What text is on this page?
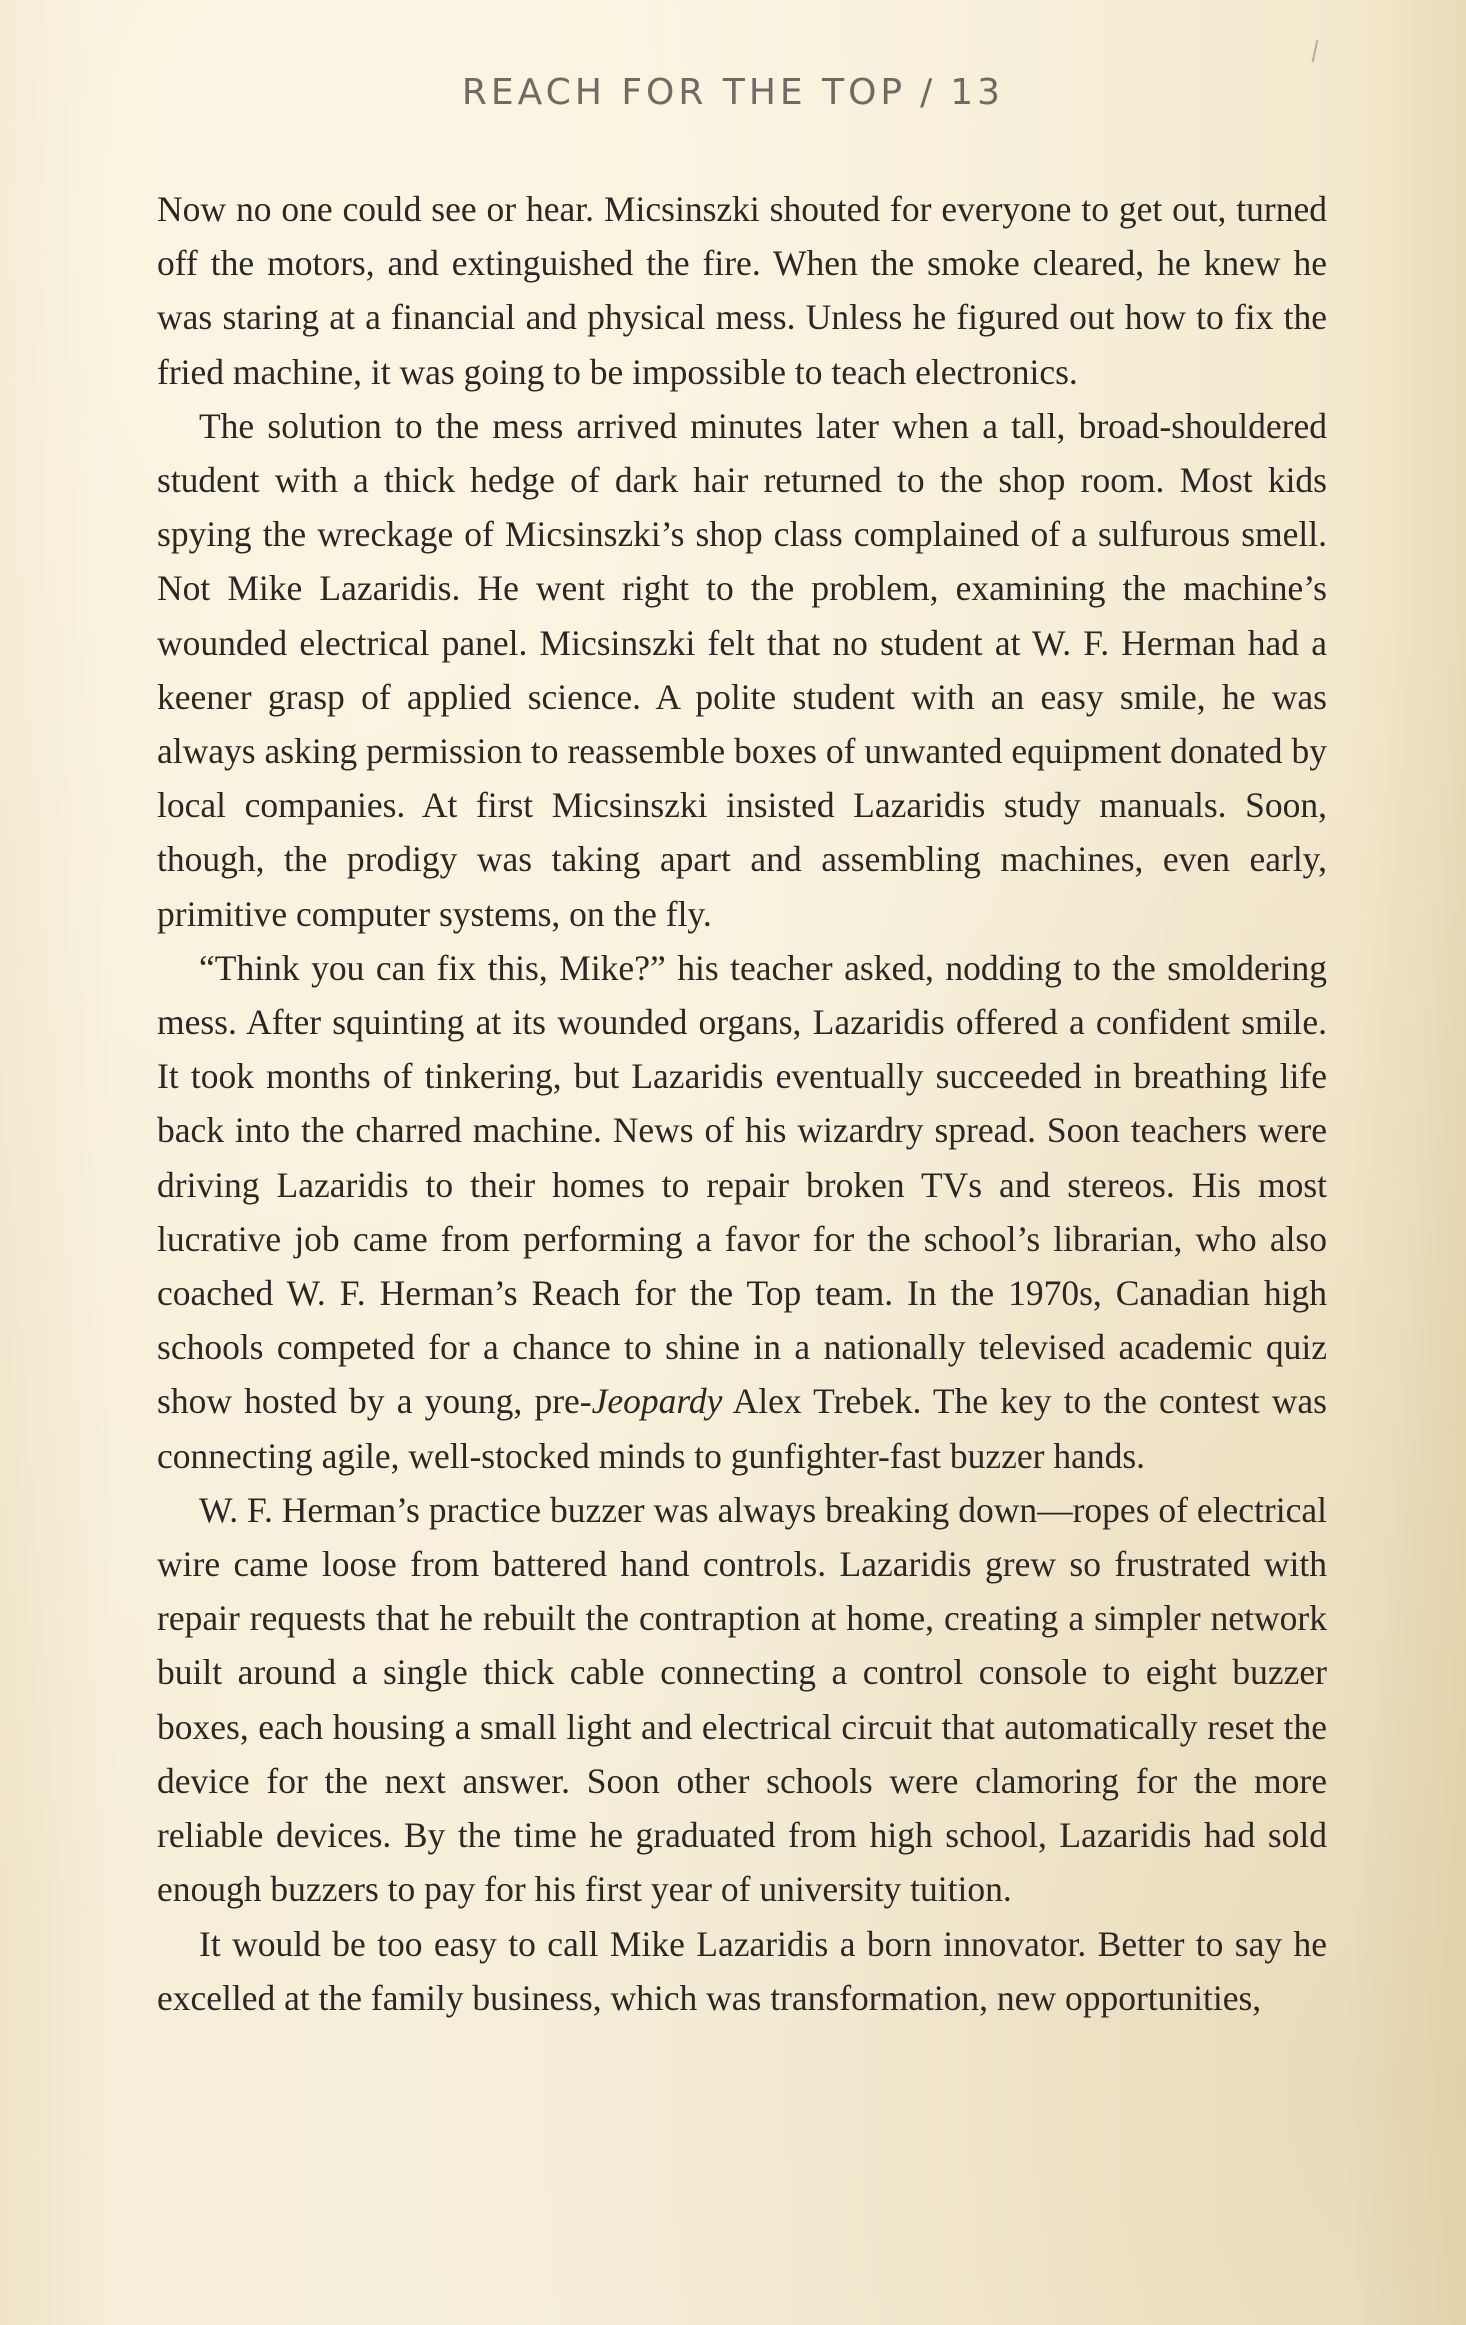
REACH FOR THE TOP / 13

Now no one could see or hear. Micsinszki shouted for everyone to get out, turned off the motors, and extinguished the fire. When the smoke cleared, he knew he was staring at a financial and physical mess. Unless he figured out how to fix the fried machine, it was going to be impossible to teach electronics.

The solution to the mess arrived minutes later when a tall, broad-shouldered student with a thick hedge of dark hair returned to the shop room. Most kids spying the wreckage of Micsinszki’s shop class complained of a sulfurous smell. Not Mike Lazaridis. He went right to the problem, examining the machine’s wounded electrical panel. Micsinszki felt that no student at W. F. Herman had a keener grasp of applied science. A polite student with an easy smile, he was always asking permission to reassemble boxes of unwanted equipment donated by local companies. At first Micsinszki insisted Lazaridis study manuals. Soon, though, the prodigy was taking apart and assembling machines, even early, primitive computer systems, on the fly.

“Think you can fix this, Mike?” his teacher asked, nodding to the smoldering mess. After squinting at its wounded organs, Lazaridis offered a confident smile. It took months of tinkering, but Lazaridis eventually succeeded in breathing life back into the charred machine. News of his wizardry spread. Soon teachers were driving Lazaridis to their homes to repair broken TVs and stereos. His most lucrative job came from performing a favor for the school’s librarian, who also coached W. F. Herman’s Reach for the Top team. In the 1970s, Canadian high schools competed for a chance to shine in a nationally televised academic quiz show hosted by a young, pre-Jeopardy Alex Trebek. The key to the contest was connecting agile, well-stocked minds to gunfighter-fast buzzer hands.

W. F. Herman’s practice buzzer was always breaking down—ropes of electrical wire came loose from battered hand controls. Lazaridis grew so frustrated with repair requests that he rebuilt the contraption at home, creating a simpler network built around a single thick cable connecting a control console to eight buzzer boxes, each housing a small light and electrical circuit that automatically reset the device for the next answer. Soon other schools were clamoring for the more reliable devices. By the time he graduated from high school, Lazaridis had sold enough buzzers to pay for his first year of university tuition.

It would be too easy to call Mike Lazaridis a born innovator. Better to say he excelled at the family business, which was transformation, new opportunities,
